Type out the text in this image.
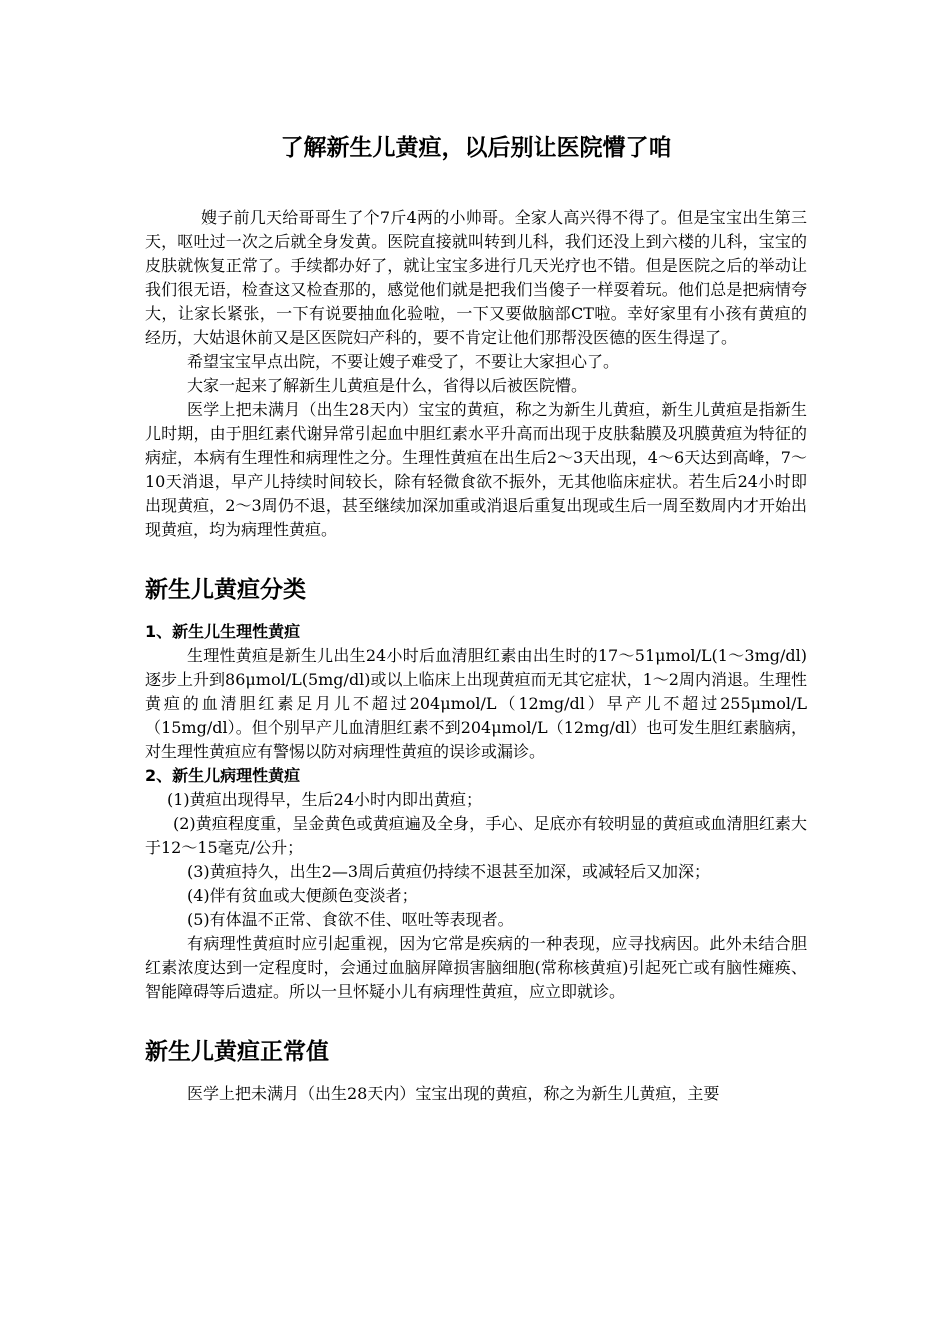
了解新生儿黄疸，以后别让医院懵了咱

嫂子前几天给哥哥生了个7斤4两的小帅哥。全家人高兴得不得了。但是宝宝出生第三天，呕吐过一次之后就全身发黄。医院直接就叫转到儿科，我们还没上到六楼的儿科，宝宝的皮肤就恢复正常了。手续都办好了，就让宝宝多进行几天光疗也不错。但是医院之后的举动让我们很无语，检查这又检查那的，感觉他们就是把我们当傻子一样耍着玩。他们总是把病情夸大，让家长紧张，一下有说要抽血化验啦，一下又要做脑部CT啦。幸好家里有小孩有黄疸的经历，大姑退休前又是区医院妇产科的，要不肯定让他们那帮没医德的医生得逞了。

希望宝宝早点出院，不要让嫂子难受了，不要让大家担心了。

大家一起来了解新生儿黄疸是什么，省得以后被医院懵。

医学上把未满月（出生28天内）宝宝的黄疸，称之为新生儿黄疸，新生儿黄疸是指新生儿时期，由于胆红素代谢异常引起血中胆红素水平升高而出现于皮肤黏膜及巩膜黄疸为特征的病症，本病有生理性和病理性之分。生理性黄疸在出生后2～3天出现，4～6天达到高峰，7～10天消退，早产儿持续时间较长，除有轻微食欲不振外，无其他临床症状。若生后24小时即出现黄疸，2～3周仍不退，甚至继续加深加重或消退后重复出现或生后一周至数周内才开始出现黄疸，均为病理性黄疸。

新生儿黄疸分类
1、新生儿生理性黄疸

生理性黄疸是新生儿出生24小时后血清胆红素由出生时的17～51μmol/L(1～3mg/dl)逐步上升到86μmol/L(5mg/dl)或以上临床上出现黄疸而无其它症状，1～2周内消退。生理性黄疸的血清胆红素足月儿不超过204μmol/L（12mg/dl）早产儿不超过255μmol/L（15mg/dl）。但个别早产儿血清胆红素不到204μmol/L（12mg/dl）也可发生胆红素脑病，对生理性黄疸应有警惕以防对病理性黄疸的误诊或漏诊。

2、新生儿病理性黄疸

(1)黄疸出现得早，生后24小时内即出黄疸；

(2)黄疸程度重，呈金黄色或黄疸遍及全身，手心、足底亦有较明显的黄疸或血清胆红素大于12～15毫克/公升；

(3)黄疸持久，出生2—3周后黄疸仍持续不退甚至加深，或减轻后又加深；

(4)伴有贫血或大便颜色变淡者；

(5)有体温不正常、食欲不佳、呕吐等表现者。

有病理性黄疸时应引起重视，因为它常是疾病的一种表现，应寻找病因。此外未结合胆红素浓度达到一定程度时，会通过血脑屏障损害脑细胞(常称核黄疸)引起死亡或有脑性瘫痪、智能障碍等后遗症。所以一旦怀疑小儿有病理性黄疸，应立即就诊。

新生儿黄疸正常值

医学上把未满月（出生28天内）宝宝出现的黄疸，称之为新生儿黄疸，主要
